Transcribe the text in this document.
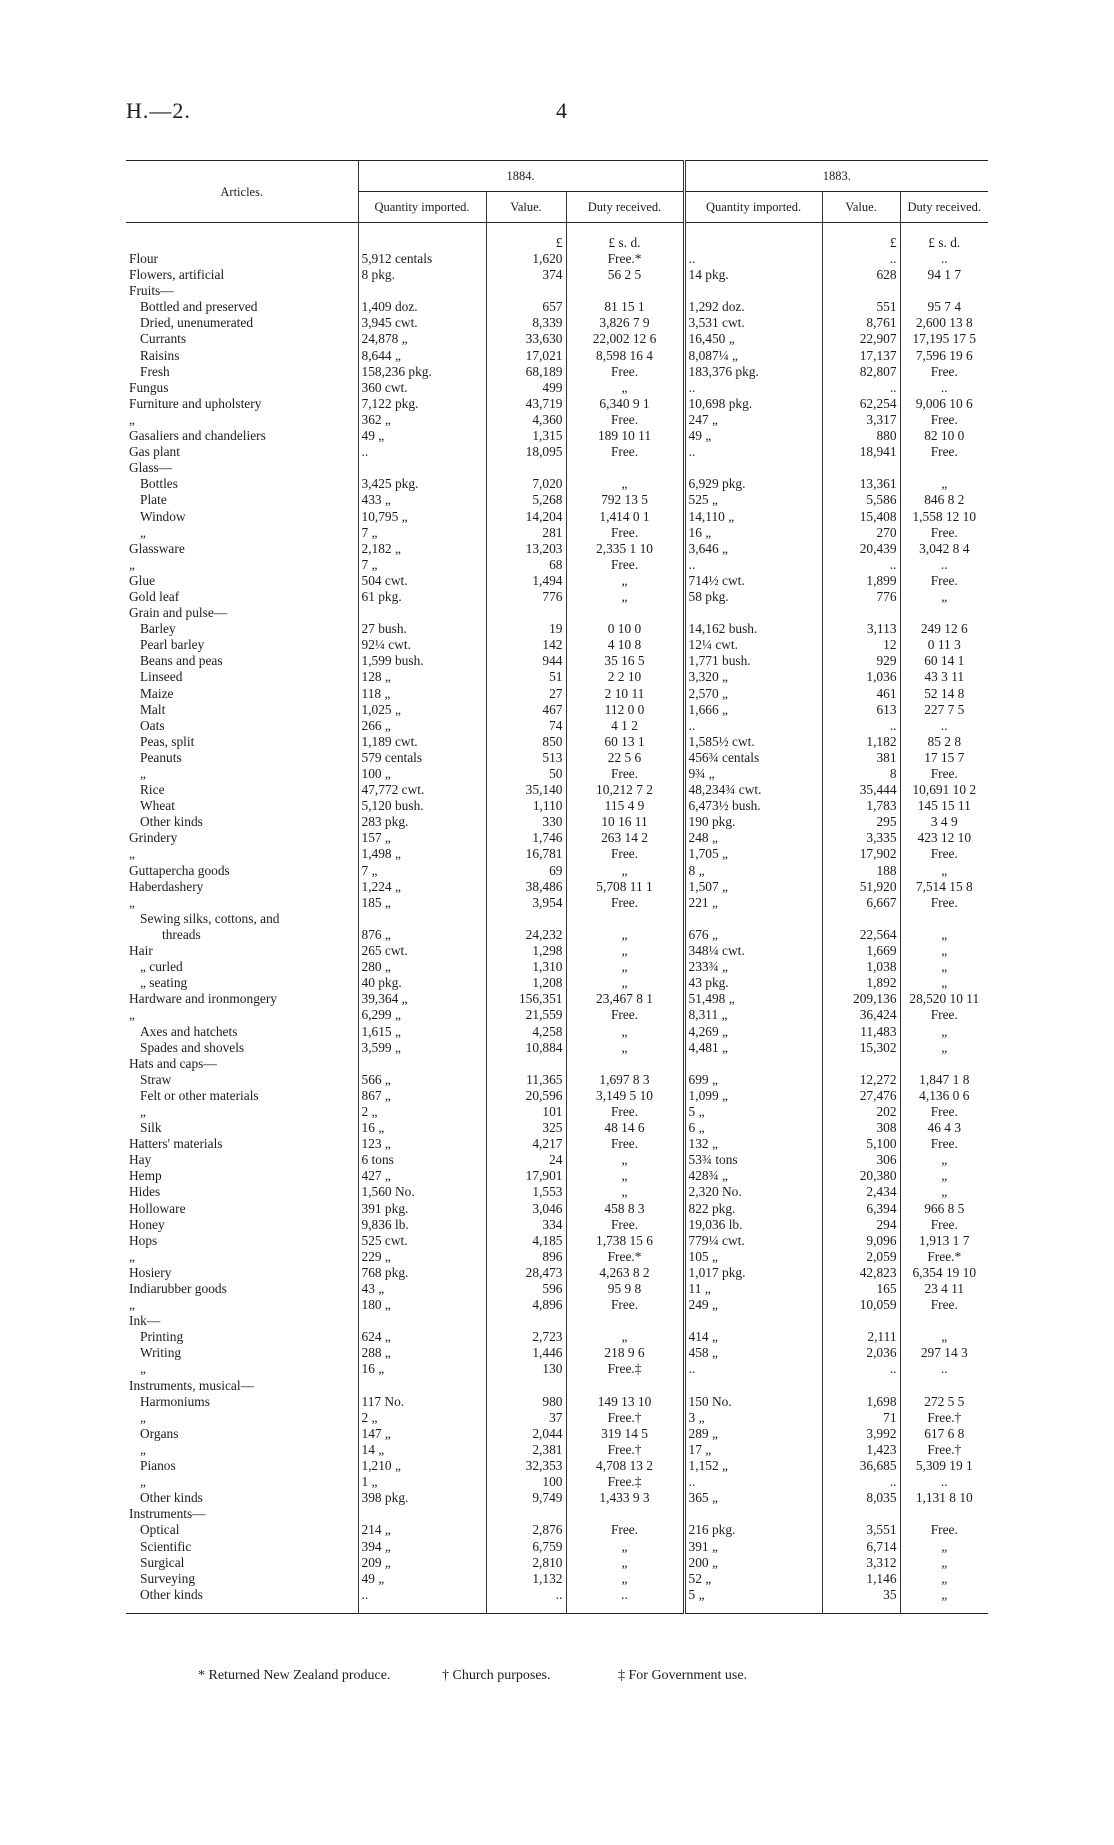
H.—2.	4
Articles.	1884.			1883.		
	Quantity imported.	Value.	Duty received.	Quantity imported.	Value.	Duty received.
		£	£ s. d.		£	£ s. d.
Flour	5,912 centals	1,620	Free.*	..	..	..
Flowers, artificial	8 pkg.	374	56 2 5	14 pkg.	628	94 1 7
Fruits—						
Bottled and preserved	1,409 doz.	657	81 15 1	1,292 doz.	551	95 7 4
Dried, unenumerated	3,945 cwt.	8,339	3,826 7 9	3,531 cwt.	8,761	2,600 13 8
Currants	24,878 „	33,630	22,002 12 6	16,450 „	22,907	17,195 17 5
Raisins	8,644 „	17,021	8,598 16 4	8,087¼ „	17,137	7,596 19 6
Fresh	158,236 pkg.	68,189	Free.	183,376 pkg.	82,807	Free.
Fungus	360 cwt.	499	„	..	..	..
Furniture and upholstery	7,122 pkg.	43,719	6,340 9 1	10,698 pkg.	62,254	9,006 10 6
„	362 „	4,360	Free.	247 „	3,317	Free.
Gasaliers and chandeliers	49 „	1,315	189 10 11	49 „	880	82 10 0
Gas plant	..	18,095	Free.	..	18,941	Free.
Glass—						
Bottles	3,425 pkg.	7,020	„	6,929 pkg.	13,361	„
Plate	433 „	5,268	792 13 5	525 „	5,586	846 8 2
Window	10,795 „	14,204	1,414 0 1	14,110 „	15,408	1,558 12 10
„	7 „	281	Free.	16 „	270	Free.
Glassware	2,182 „	13,203	2,335 1 10	3,646 „	20,439	3,042 8 4
„	7 „	68	Free.	..	..	..
Glue	504 cwt.	1,494	„	714½ cwt.	1,899	Free.
Gold leaf	61 pkg.	776	„	58 pkg.	776	„
Grain and pulse—						
Barley	27 bush.	19	0 10 0	14,162 bush.	3,113	249 12 6
Pearl barley	92¼ cwt.	142	4 10 8	12¼ cwt.	12	0 11 3
Beans and peas	1,599 bush.	944	35 16 5	1,771 bush.	929	60 14 1
Linseed	128 „	51	2 2 10	3,320 „	1,036	43 3 11
Maize	118 „	27	2 10 11	2,570 „	461	52 14 8
Malt	1,025 „	467	112 0 0	1,666 „	613	227 7 5
Oats	266 „	74	4 1 2	..	..	..
Peas, split	1,189 cwt.	850	60 13 1	1,585½ cwt.	1,182	85 2 8
Peanuts	579 centals	513	22 5 6	456¾ centals	381	17 15 7
„	100 „	50	Free.	9¾ „	8	Free.
Rice	47,772 cwt.	35,140	10,212 7 2	48,234¾ cwt.	35,444	10,691 10 2
Wheat	5,120 bush.	1,110	115 4 9	6,473½ bush.	1,783	145 15 11
Other kinds	283 pkg.	330	10 16 11	190 pkg.	295	3 4 9
Grindery	157 „	1,746	263 14 2	248 „	3,335	423 12 10
„	1,498 „	16,781	Free.	1,705 „	17,902	Free.
Guttapercha goods	7 „	69	„	8 „	188	„
Haberdashery	1,224 „	38,486	5,708 11 1	1,507 „	51,920	7,514 15 8
„	185 „	3,954	Free.	221 „	6,667	Free.
Sewing silks, cottons, and						
threads	876 „	24,232	„	676 „	22,564	„
Hair	265 cwt.	1,298	„	348¼ cwt.	1,669	„
„ curled	280 „	1,310	„	233¾ „	1,038	„
„ seating	40 pkg.	1,208	„	43 pkg.	1,892	„
Hardware and ironmongery	39,364 „	156,351	23,467 8 1	51,498 „	209,136	28,520 10 11
„	6,299 „	21,559	Free.	8,311 „	36,424	Free.
Axes and hatchets	1,615 „	4,258	„	4,269 „	11,483	„
Spades and shovels	3,599 „	10,884	„	4,481 „	15,302	„
Hats and caps—						
Straw	566 „	11,365	1,697 8 3	699 „	12,272	1,847 1 8
Felt or other materials	867 „	20,596	3,149 5 10	1,099 „	27,476	4,136 0 6
„	2 „	101	Free.	5 „	202	Free.
Silk	16 „	325	48 14 6	6 „	308	46 4 3
Hatters' materials	123 „	4,217	Free.	132 „	5,100	Free.
Hay	6 tons	24	„	53¾ tons	306	„
Hemp	427 „	17,901	„	428¾ „	20,380	„
Hides	1,560 No.	1,553	„	2,320 No.	2,434	„
Holloware	391 pkg.	3,046	458 8 3	822 pkg.	6,394	966 8 5
Honey	9,836 lb.	334	Free.	19,036 lb.	294	Free.
Hops	525 cwt.	4,185	1,738 15 6	779¼ cwt.	9,096	1,913 1 7
„	229 „	896	Free.*	105 „	2,059	Free.*
Hosiery	768 pkg.	28,473	4,263 8 2	1,017 pkg.	42,823	6,354 19 10
Indiarubber goods	43 „	596	95 9 8	11 „	165	23 4 11
„	180 „	4,896	Free.	249 „	10,059	Free.
Ink—						
Printing	624 „	2,723	„	414 „	2,111	„
Writing	288 „	1,446	218 9 6	458 „	2,036	297 14 3
„	16 „	130	Free.‡	..	..	..
Instruments, musical—						
Harmoniums	117 No.	980	149 13 10	150 No.	1,698	272 5 5
„	2 „	37	Free.†	3 „	71	Free.†
Organs	147 „	2,044	319 14 5	289 „	3,992	617 6 8
„	14 „	2,381	Free.†	17 „	1,423	Free.†
Pianos	1,210 „	32,353	4,708 13 2	1,152 „	36,685	5,309 19 1
„	1 „	100	Free.‡	..	..	..
Other kinds	398 pkg.	9,749	1,433 9 3	365 „	8,035	1,131 8 10
Instruments—						
Optical	214 „	2,876	Free.	216 pkg.	3,551	Free.
Scientific	394 „	6,759	„	391 „	6,714	„
Surgical	209 „	2,810	„	200 „	3,312	„
Surveying	49 „	1,132	„	52 „	1,146	„
Other kinds	..	..	..	5 „	35	„

* Returned New Zealand produce.	† Church purposes.	‡ For Government use.
